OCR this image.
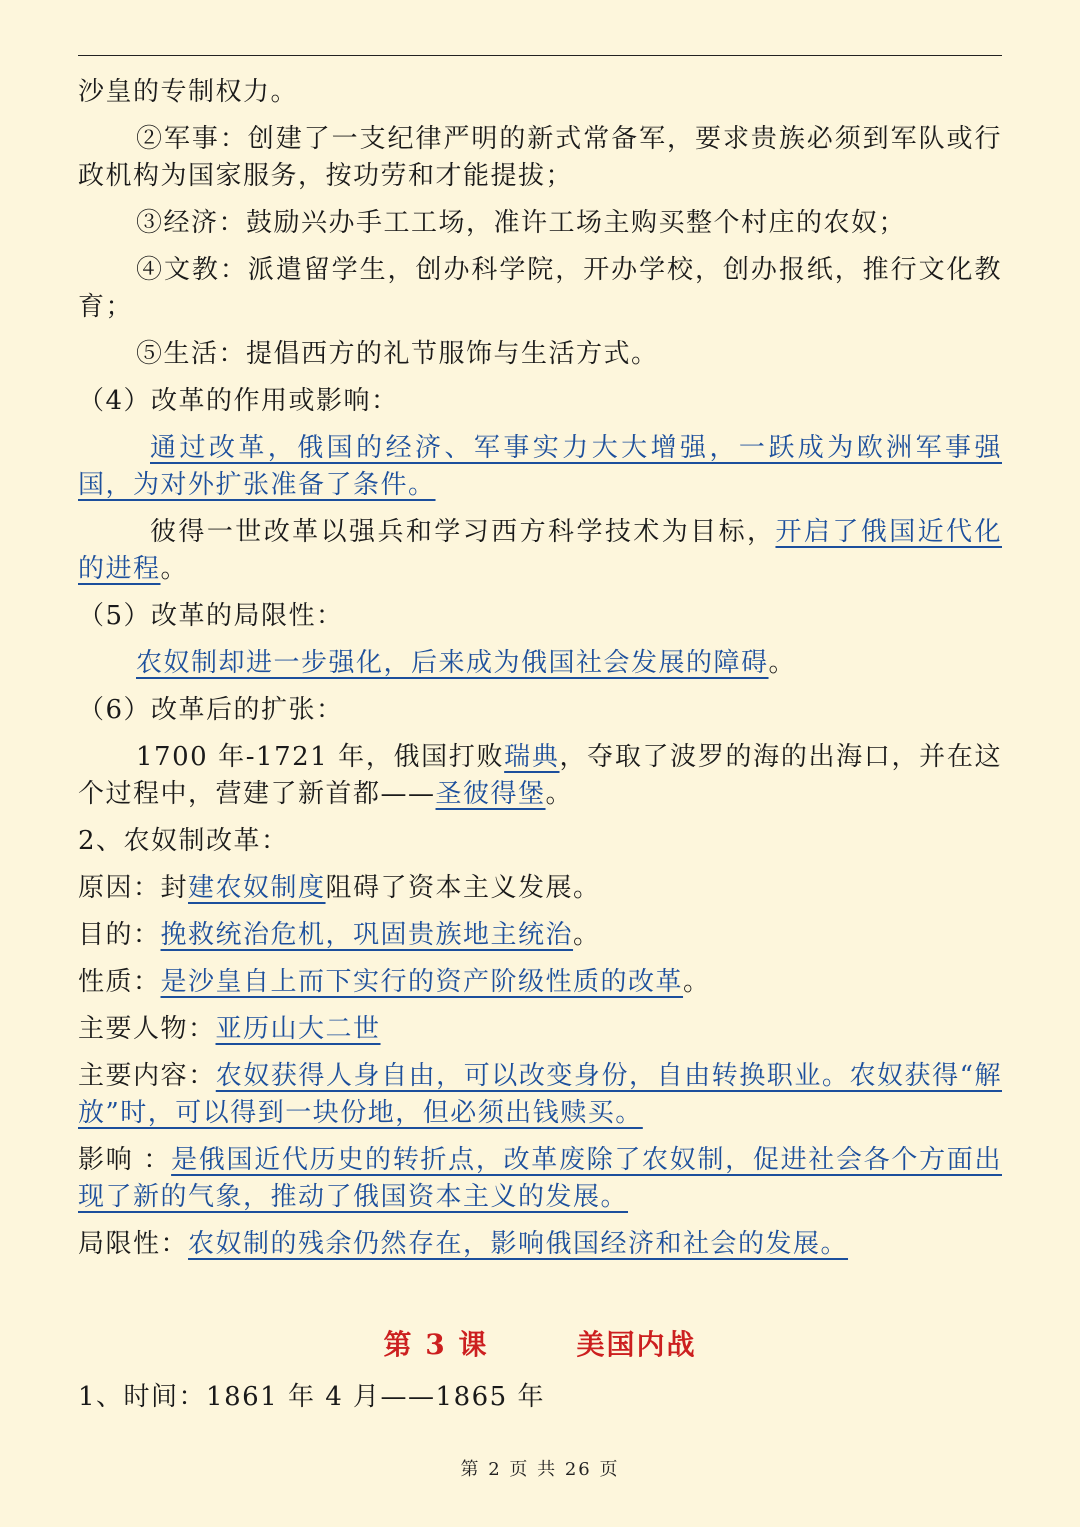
沙皇的专制权力。

②军事：创建了一支纪律严明的新式常备军，要求贵族必须到军队或行政机构为国家服务，按功劳和才能提拔；

③经济：鼓励兴办手工工场，准许工场主购买整个村庄的农奴；

④文教：派遣留学生，创办科学院，开办学校，创办报纸，推行文化教育；

⑤生活：提倡西方的礼节服饰与生活方式。

（4）改革的作用或影响：

通过改革，俄国的经济、军事实力大大增强，一跃成为欧洲军事强国，为对外扩张准备了条件。

彼得一世改革以强兵和学习西方科学技术为目标，开启了俄国近代化的进程。

（5）改革的局限性：

农奴制却进一步强化，后来成为俄国社会发展的障碍。

（6）改革后的扩张：

1700 年-1721 年，俄国打败瑞典，夺取了波罗的海的出海口，并在这个过程中，营建了新首都——圣彼得堡。

2、农奴制改革：

原因：封建农奴制度阻碍了资本主义发展。

目的：挽救统治危机，巩固贵族地主统治。

性质：是沙皇自上而下实行的资产阶级性质的改革。

主要人物：亚历山大二世

主要内容：农奴获得人身自由，可以改变身份，自由转换职业。农奴获得“解放”时，可以得到一块份地，但必须出钱赎买。

影响 ：是俄国近代历史的转折点，改革废除了农奴制，促进社会各个方面出现了新的气象，推动了俄国资本主义的发展。

局限性：农奴制的残余仍然存在，影响俄国经济和社会的发展。

第 3 课	美国内战

1、时间：1861 年 4 月——1865 年

第 2 页 共 26 页
